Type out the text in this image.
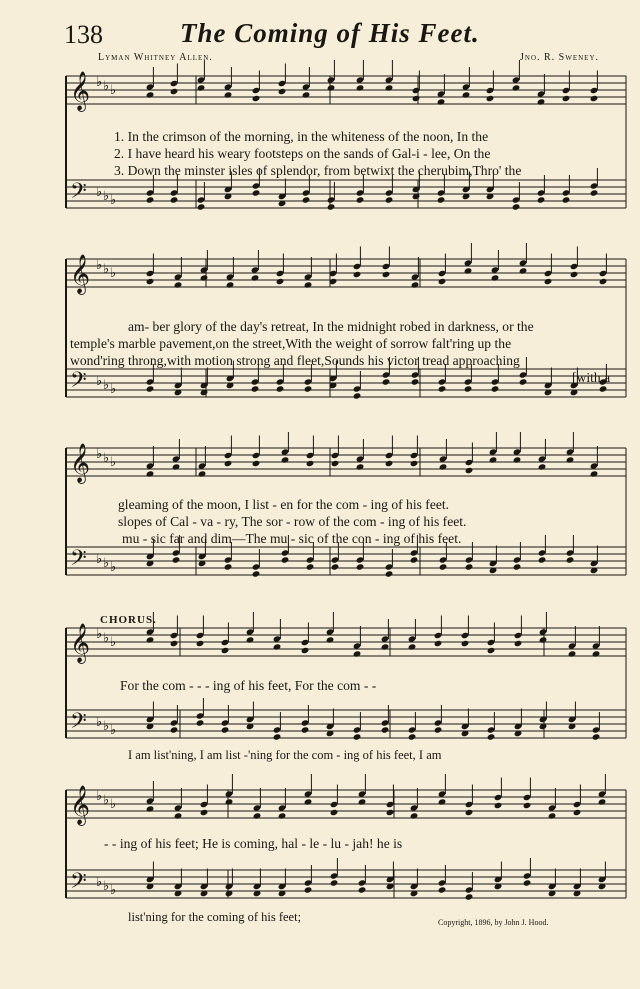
138	The Coming of His Feet.
Lyman Whitney Allen.	Jno. R. Sweney.
𝄞
𝄢
♭
♭
♭
♭
♭
♭
𝄞
𝄢
♭
♭
♭
♭
♭
♭
𝄞
𝄢
♭
♭
♭
♭
♭
♭
𝄞
𝄢
♭
♭
♭
♭
♭
♭
𝄞
𝄢
♭
♭
♭
♭
♭
♭
1. In the crimson of the morning, in the whiteness of the noon, In the
2. I have heard his weary footsteps on the sands of Gal-i - lee, On the
3. Down the minster isles of splendor, from betwixt the cherubim,Thro' the
am- ber glory of the day's retreat, In the midnight robed in darkness, or the
temple's marble pavement,on the street,With the weight of sorrow falt'ring up the
wond'ring throng,with motion strong and fleet,Sounds his victor tread approaching
[with a
gleaming of the moon, I list - en for the com - ing of his feet.
slopes of Cal - va - ry, The sor - row of the com - ing of his feet.
mu - sic far and dim—The mu - sic of the con - ing of his feet.
CHORUS.
For the com - - - ing of his feet, For the com - -
I am list'ning, I am list -'ning for the com - ing of his feet, I am
- - ing of his feet; He is coming, hal - le - lu - jah! he is
list'ning for the coming of his feet;	Copyright, 1896, by John J. Hood.
